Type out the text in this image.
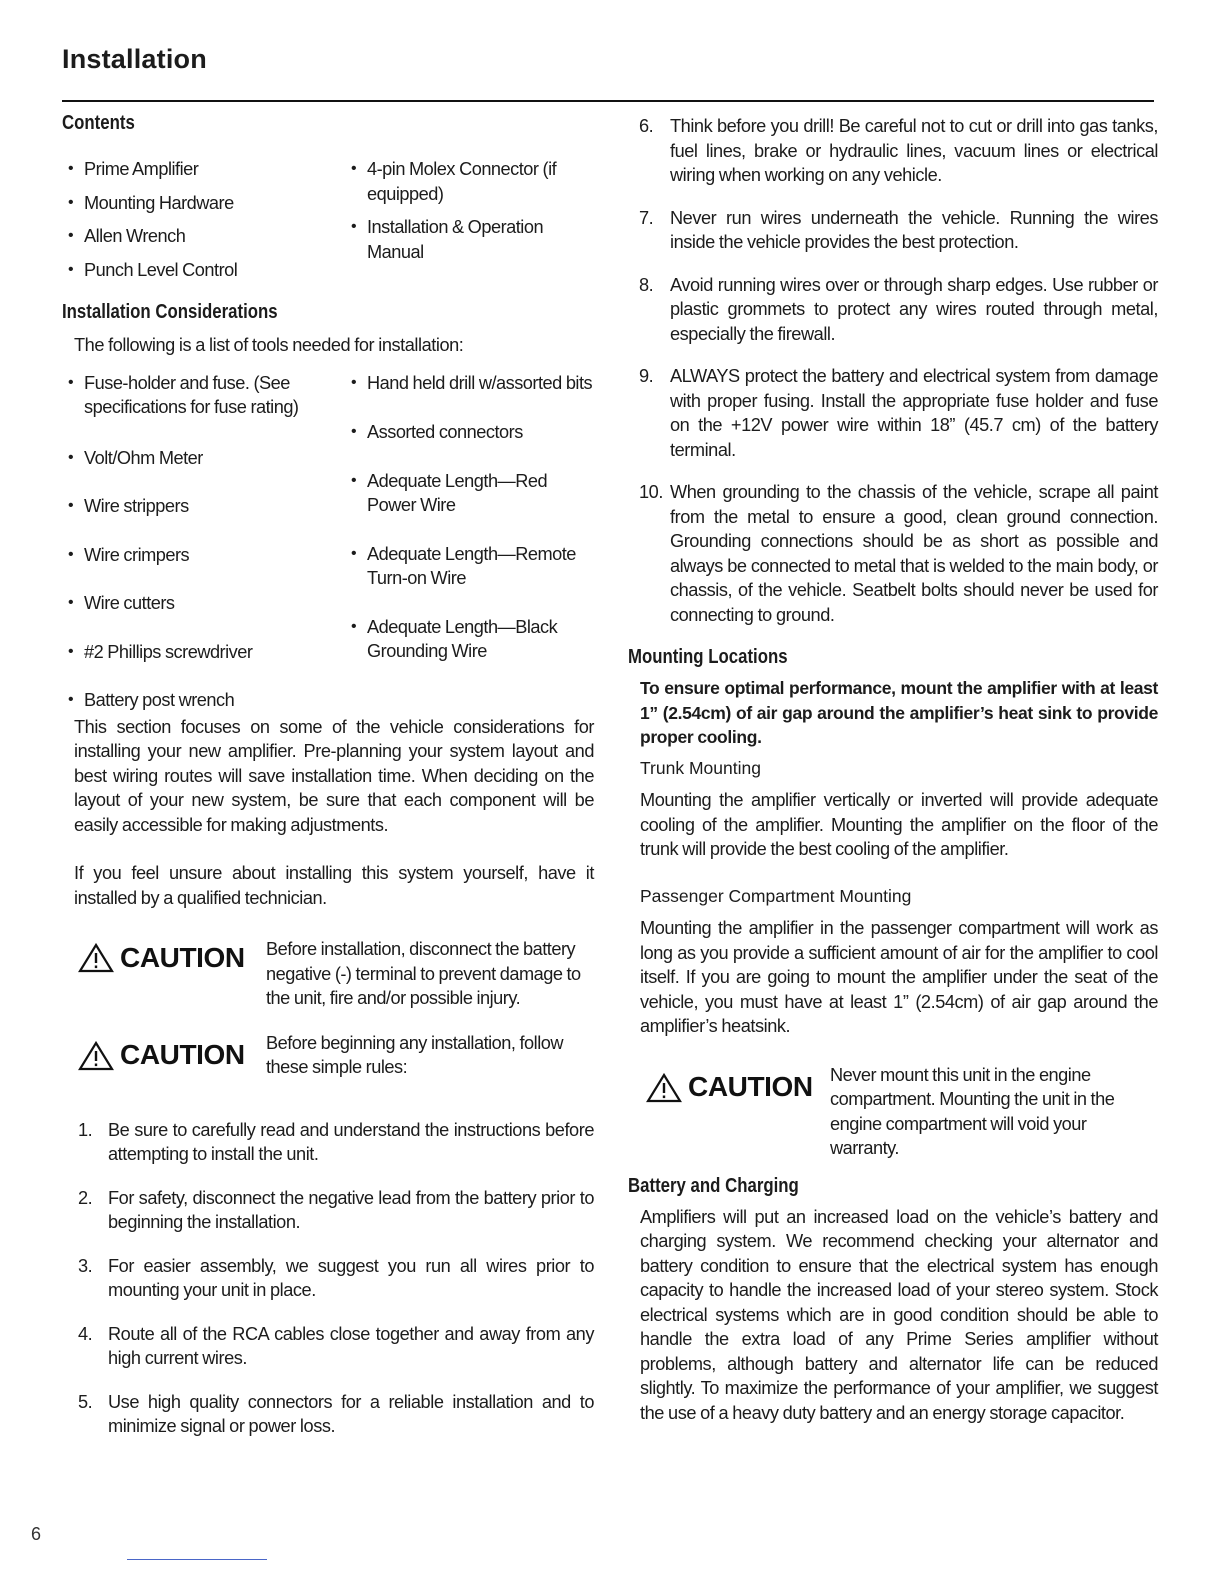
Installation
Contents
• Prime Amplifier
• Mounting Hardware
• Allen Wrench
• Punch Level Control
• 4-pin Molex Connector (if equipped)
• Installation & Operation Manual
Installation Considerations

The following is a list of tools needed for installation:

• Fuse-holder and fuse. (See specifications for fuse rating)
• Volt/Ohm Meter
• Wire strippers
• Wire crimpers
• Wire cutters
• #2 Phillips screwdriver
• Battery post wrench
• Hand held drill w/assorted bits
• Assorted connectors
• Adequate Length—Red Power Wire
• Adequate Length—Remote Turn-on Wire
• Adequate Length—Black Grounding Wire

This section focuses on some of the vehicle considerations for installing your new amplifier. Pre-planning your system layout and best wiring routes will save installation time. When deciding on the layout of your new system, be sure that each component will be easily accessible for making adjustments.

If you feel unsure about installing this system yourself, have it installed by a qualified technician.

CAUTION Before installation, disconnect the battery negative (-) terminal to prevent damage to the unit, fire and/or possible injury.
CAUTION Before beginning any installation, follow these simple rules:
1. Be sure to carefully read and understand the instructions before attempting to install the unit.
2. For safety, disconnect the negative lead from the battery prior to beginning the installation.
3. For easier assembly, we suggest you run all wires prior to mounting your unit in place.
4. Route all of the RCA cables close together and away from any high current wires.
5. Use high quality connectors for a reliable installation and to minimize signal or power loss.
6. Think before you drill! Be careful not to cut or drill into gas tanks, fuel lines, brake or hydraulic lines, vacuum lines or electrical wiring when working on any vehicle.
7. Never run wires underneath the vehicle. Running the wires inside the vehicle provides the best protection.
8. Avoid running wires over or through sharp edges. Use rubber or plastic grommets to protect any wires routed through metal, especially the firewall.
9. ALWAYS protect the battery and electrical system from damage with proper fusing. Install the appropriate fuse holder and fuse on the +12V power wire within 18” (45.7 cm) of the battery terminal.
10. When grounding to the chassis of the vehicle, scrape all paint from the metal to ensure a good, clean ground connection. Grounding connections should be as short as possible and always be connected to metal that is welded to the main body, or chassis, of the vehicle. Seatbelt bolts should never be used for connecting to ground.
Mounting Locations

To ensure optimal performance, mount the amplifier with at least 1” (2.54cm) of air gap around the amplifier’s heat sink to provide proper cooling.

Trunk Mounting

Mounting the amplifier vertically or inverted will provide adequate cooling of the amplifier. Mounting the amplifier on the floor of the trunk will provide the best cooling of the amplifier.

Passenger Compartment Mounting

Mounting the amplifier in the passenger compartment will work as long as you provide a sufficient amount of air for the amplifier to cool itself. If you are going to mount the amplifier under the seat of the vehicle, you must have at least 1” (2.54cm) of air gap around the amplifier’s heatsink.

CAUTION Never mount this unit in the engine compartment. Mounting the unit in the engine compartment will void your warranty.
Battery and Charging

Amplifiers will put an increased load on the vehicle’s battery and charging system. We recommend checking your alternator and battery condition to ensure that the electrical system has enough capacity to handle the increased load of your stereo system. Stock electrical systems which are in good condition should be able to handle the extra load of any Prime Series amplifier without problems, although battery and alternator life can be reduced slightly. To maximize the performance of your amplifier, we suggest the use of a heavy duty battery and an energy storage capacitor.

6
